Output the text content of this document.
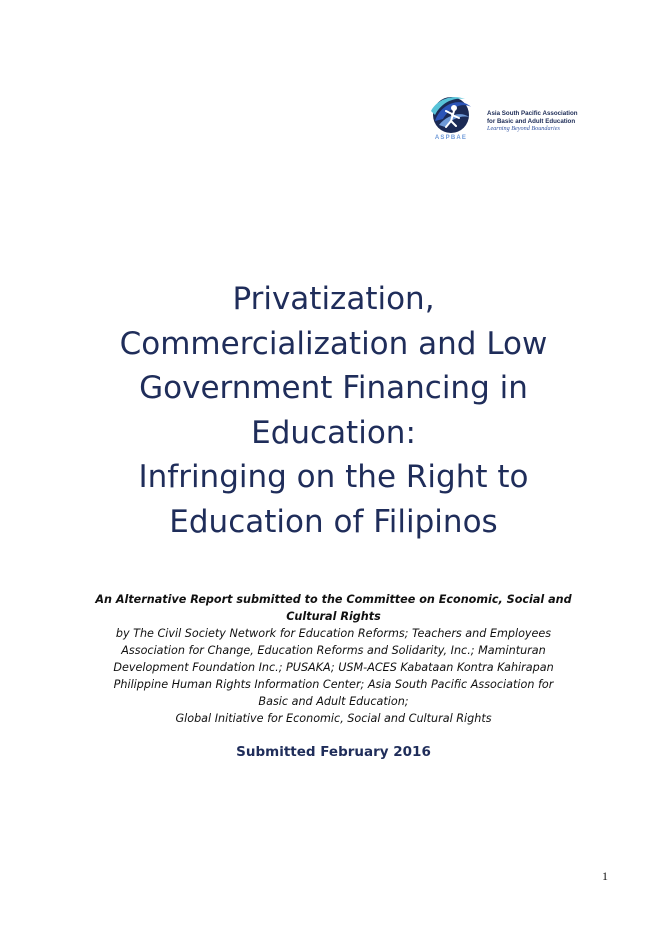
ASPBAE
Asia South Pacific Association
for Basic and Adult Education
Learning Beyond Boundaries
Privatization,
Commercialization and Low
Government Financing in
Education:
Infringing on the Right to
Education of Filipinos
An Alternative Report submitted to the Committee on Economic, Social and
Cultural Rights
by The Civil Society Network for Education Reforms; Teachers and Employees
Association for Change, Education Reforms and Solidarity, Inc.; Maminturan
Development Foundation Inc.; PUSAKA; USM-ACES Kabataan Kontra Kahirapan
Philippine Human Rights Information Center; Asia South Pacific Association for
Basic and Adult Education;
Global Initiative for Economic, Social and Cultural Rights
Submitted February 2016
1
